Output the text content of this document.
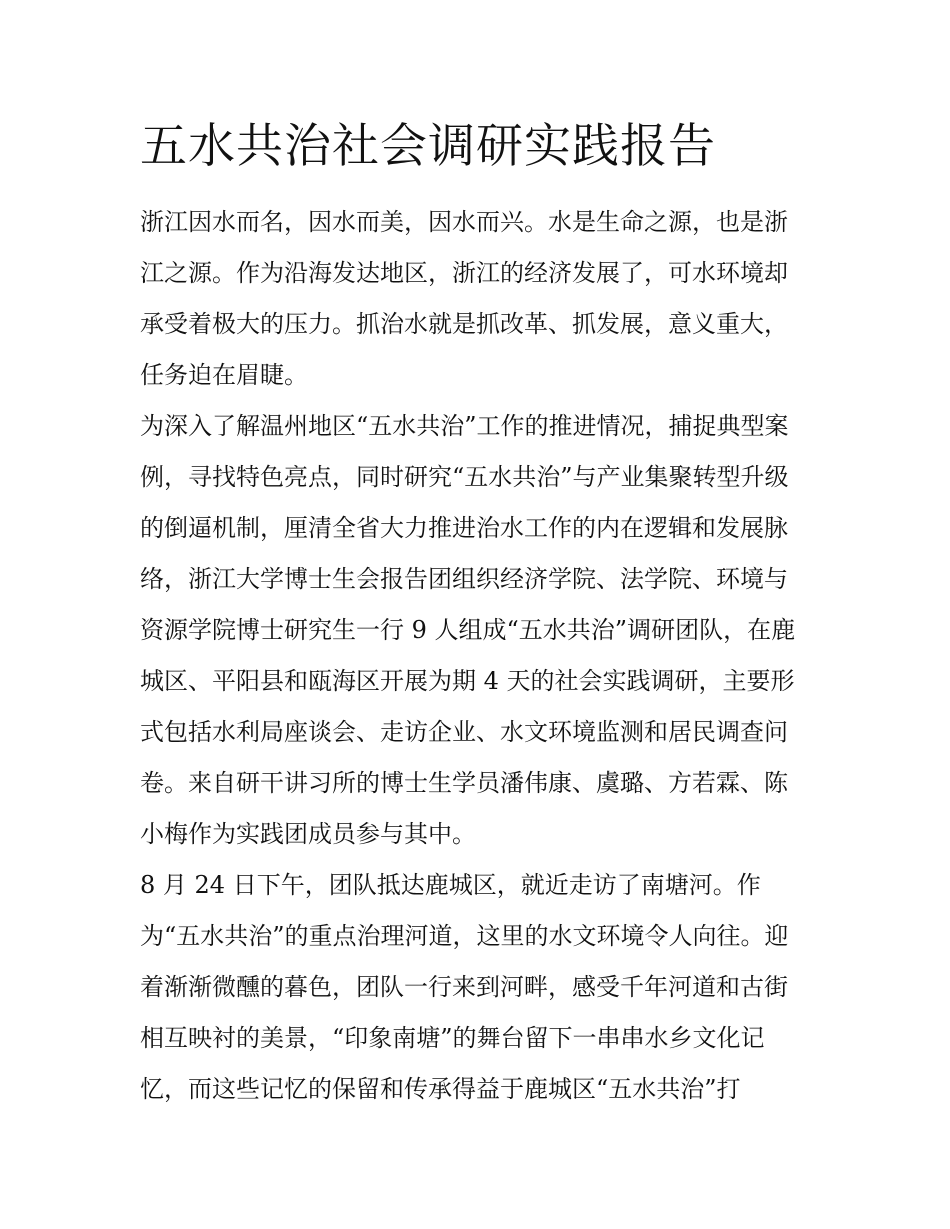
五水共治社会调研实践报告

浙江因水而名，因水而美，因水而兴。水是生命之源，也是浙

江之源。作为沿海发达地区，浙江的经济发展了，可水环境却

承受着极大的压力。抓治水就是抓改革、抓发展，意义重大，

任务迫在眉睫。

为深入了解温州地区“五水共治”工作的推进情况，捕捉典型案

例，寻找特色亮点，同时研究“五水共治”与产业集聚转型升级

的倒逼机制，厘清全省大力推进治水工作的内在逻辑和发展脉

络，浙江大学博士生会报告团组织经济学院、法学院、环境与

资源学院博士研究生一行 9 人组成“五水共治”调研团队，在鹿

城区、平阳县和瓯海区开展为期 4 天的社会实践调研，主要形

式包括水利局座谈会、走访企业、水文环境监测和居民调查问

卷。来自研干讲习所的博士生学员潘伟康、虞璐、方若霖、陈

小梅作为实践团成员参与其中。

8 月 24 日下午，团队抵达鹿城区，就近走访了南塘河。作

为“五水共治”的重点治理河道，这里的水文环境令人向往。迎

着渐渐微醺的暮色，团队一行来到河畔，感受千年河道和古街

相互映衬的美景，“印象南塘”的舞台留下一串串水乡文化记

忆，而这些记忆的保留和传承得益于鹿城区“五水共治”打
